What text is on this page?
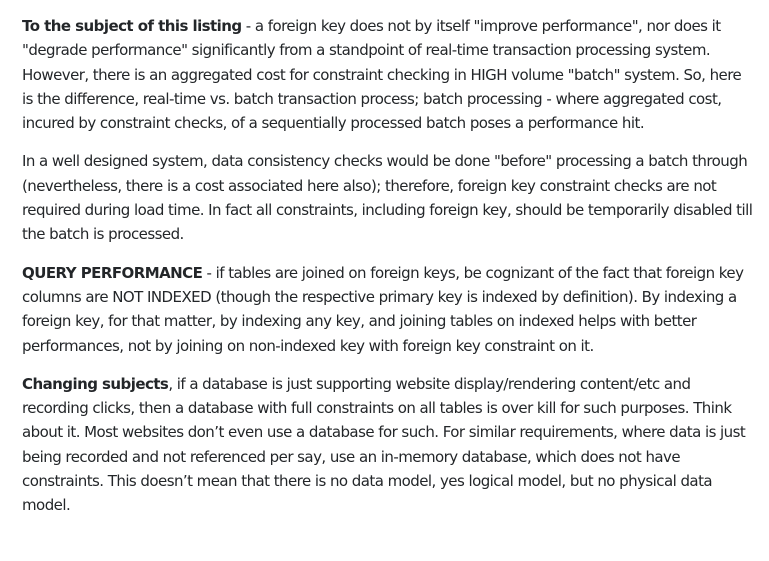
To the subject of this listing - a foreign key does not by itself "improve performance", nor does it "degrade performance" significantly from a standpoint of real-time transaction processing system. However, there is an aggregated cost for constraint checking in HIGH volume "batch" system. So, here is the difference, real-time vs. batch transaction process; batch processing - where aggregated cost, incured by constraint checks, of a sequentially processed batch poses a performance hit.

In a well designed system, data consistency checks would be done "before" processing a batch through (nevertheless, there is a cost associated here also); therefore, foreign key constraint checks are not required during load time. In fact all constraints, including foreign key, should be temporarily disabled till the batch is processed.

QUERY PERFORMANCE - if tables are joined on foreign keys, be cognizant of the fact that foreign key columns are NOT INDEXED (though the respective primary key is indexed by definition). By indexing a foreign key, for that matter, by indexing any key, and joining tables on indexed helps with better performances, not by joining on non-indexed key with foreign key constraint on it.

Changing subjects, if a database is just supporting website display/rendering content/etc and recording clicks, then a database with full constraints on all tables is over kill for such purposes. Think about it. Most websites don’t even use a database for such. For similar requirements, where data is just being recorded and not referenced per say, use an in-memory database, which does not have constraints. This doesn’t mean that there is no data model, yes logical model, but no physical data model.
